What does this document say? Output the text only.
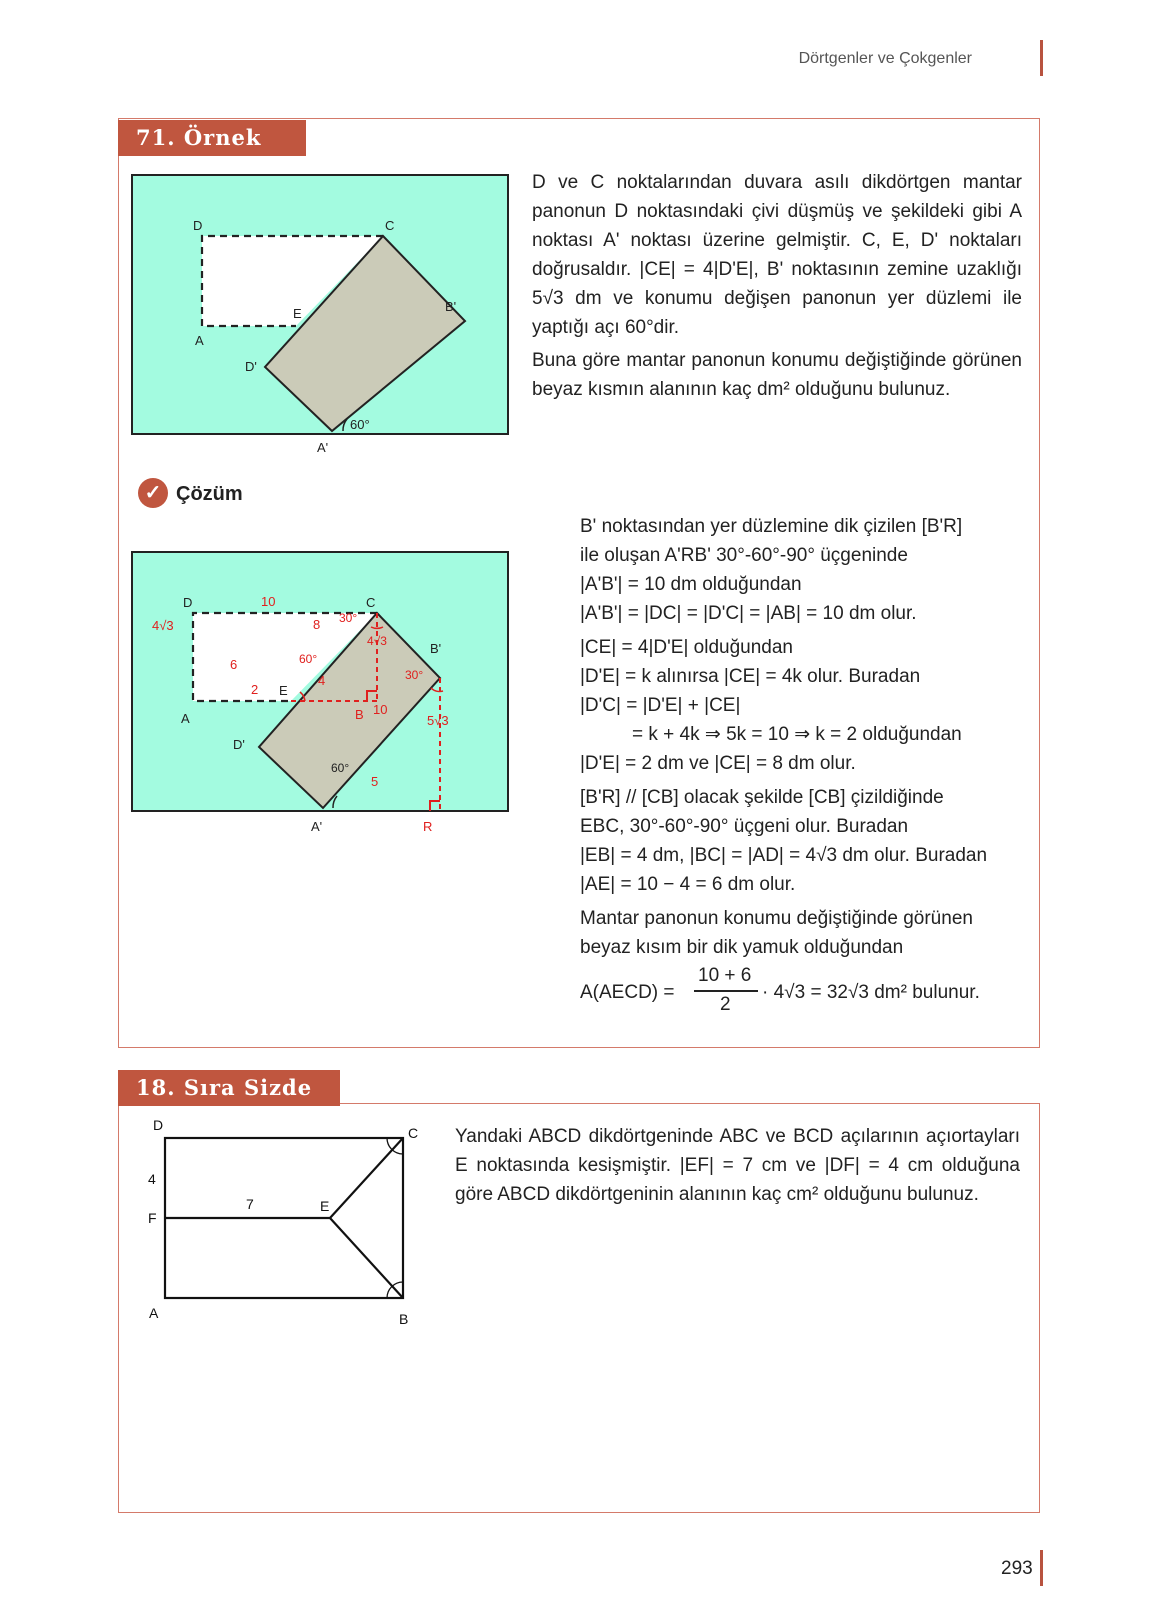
Dörtgenler ve Çokgenler
71. Örnek
D	C
E
A
D'
B'
A'
60°

D ve C noktalarından duvara asılı dikdörtgen mantar panonun D noktasındaki çivi düşmüş ve şekildeki gibi A noktası A' noktası üzerine gelmiştir. C, E, D' noktaları doğrusaldır. |CE| = 4|D'E|, B' noktasının zemine uzaklığı 5√3 dm ve konumu değişen panonun yer düzlemi ile yaptığı açı 60°dir.

Buna göre mantar panonun konumu değiştiğinde görünen beyaz kısmın alanının kaç dm² olduğunu bulunuz.

✓ Çözüm
D	C
A
E
B
D'
B'
A'	R
10
4√3	8 30°
4√3
6	60°
4
2
10
30°
5√3
60°
5
B' noktasından yer düzlemine dik çizilen [B'R]
ile oluşan A'RB' 30°-60°-90° üçgeninde
|A'B'| = 10 dm olduğundan
|A'B'| = |DC| = |D'C| = |AB| = 10 dm olur.
|CE| = 4|D'E| olduğundan
|D'E| = k alınırsa |CE| = 4k olur. Buradan
|D'C| = |D'E| + |CE|
= k + 4k ⇒ 5k = 10 ⇒ k = 2 olduğundan
|D'E| = 2 dm ve |CE| = 8 dm olur.
[B'R] // [CB] olacak şekilde [CB] çizildiğinde
EBC, 30°-60°-90° üçgeni olur. Buradan
|EB| = 4 dm, |BC| = |AD| = 4√3 dm olur. Buradan
|AE| = 10 − 4 = 6 dm olur.
Mantar panonun konumu değiştiğinde görünen
beyaz kısım bir dik yamuk olduğundan
A(AECD) =
10 + 6
2
· 4√3 = 32√3 dm² bulunur.
18. Sıra Sizde
D	C
4
F
7	E
A	B
Yandaki ABCD dikdörtgeninde ABC ve BCD açılarının açıortayları E noktasında kesişmiştir. |EF| = 7 cm ve |DF| = 4 cm olduğuna göre ABCD dikdörtgeninin alanının kaç cm² olduğunu bulunuz.
293
